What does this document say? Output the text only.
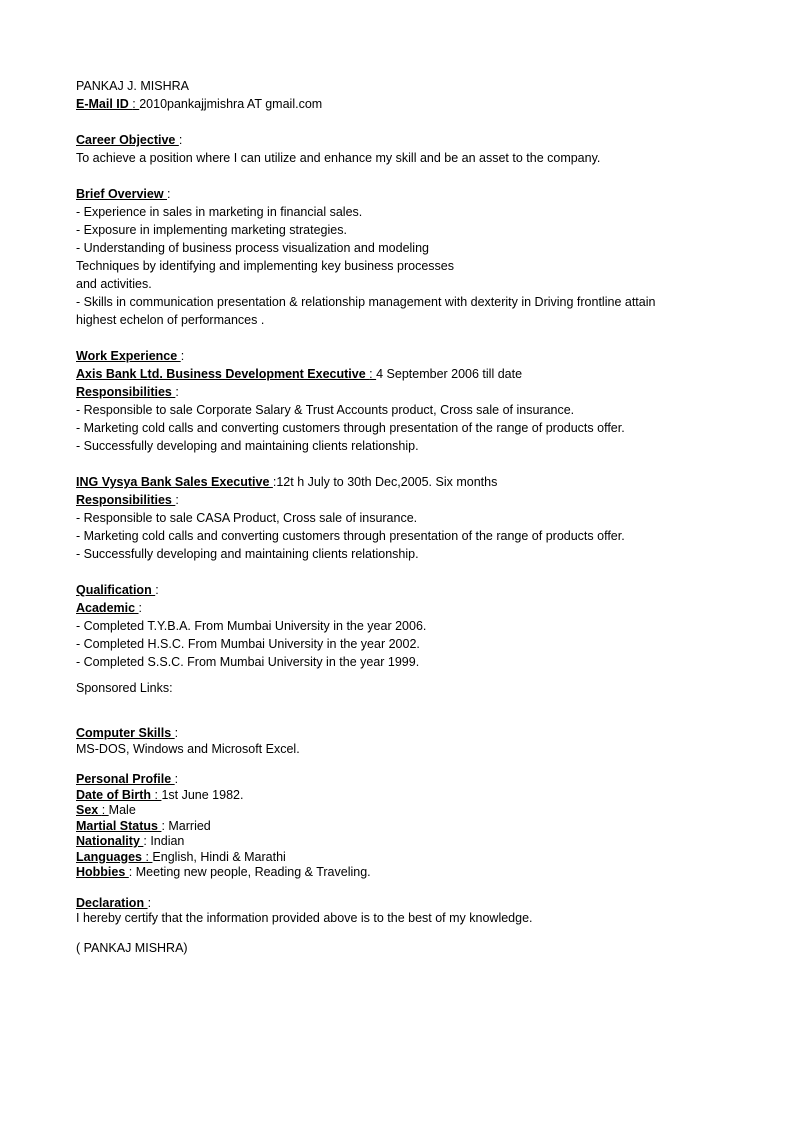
PANKAJ J. MISHRA
E-Mail ID : 2010pankajjmishra AT gmail.com
Career Objective :
To achieve a position where I can utilize and enhance my skill and be an asset to the company.
Brief Overview :
- Experience in sales in marketing in financial sales.
- Exposure in implementing marketing strategies.
- Understanding of business process visualization and modeling
Techniques by identifying and implementing key business processes
and activities.
- Skills in communication presentation & relationship management with dexterity in Driving frontline attain
highest echelon of performances .
Work Experience :
Axis Bank Ltd. Business Development Executive : 4 September 2006 till date
Responsibilities :
- Responsible to sale Corporate Salary & Trust Accounts product, Cross sale of insurance.
- Marketing cold calls and converting customers through presentation of the range of products offer.
- Successfully developing and maintaining clients relationship.
ING Vysya Bank Sales Executive :12t h July to 30th Dec,2005. Six months
Responsibilities :
- Responsible to sale CASA Product, Cross sale of insurance.
- Marketing cold calls and converting customers through presentation of the range of products offer.
- Successfully developing and maintaining clients relationship.
Qualification :
Academic :
- Completed T.Y.B.A. From Mumbai University in the year 2006.
- Completed H.S.C. From Mumbai University in the year 2002.
- Completed S.S.C. From Mumbai University in the year 1999.
Sponsored Links:
Computer Skills :
MS-DOS, Windows and Microsoft Excel.
Personal Profile :
Date of Birth : 1st June 1982.
Sex : Male
Martial Status : Married
Nationality : Indian
Languages : English, Hindi & Marathi
Hobbies : Meeting new people, Reading & Traveling.
Declaration :
I hereby certify that the information provided above is to the best of my knowledge.
( PANKAJ MISHRA)
